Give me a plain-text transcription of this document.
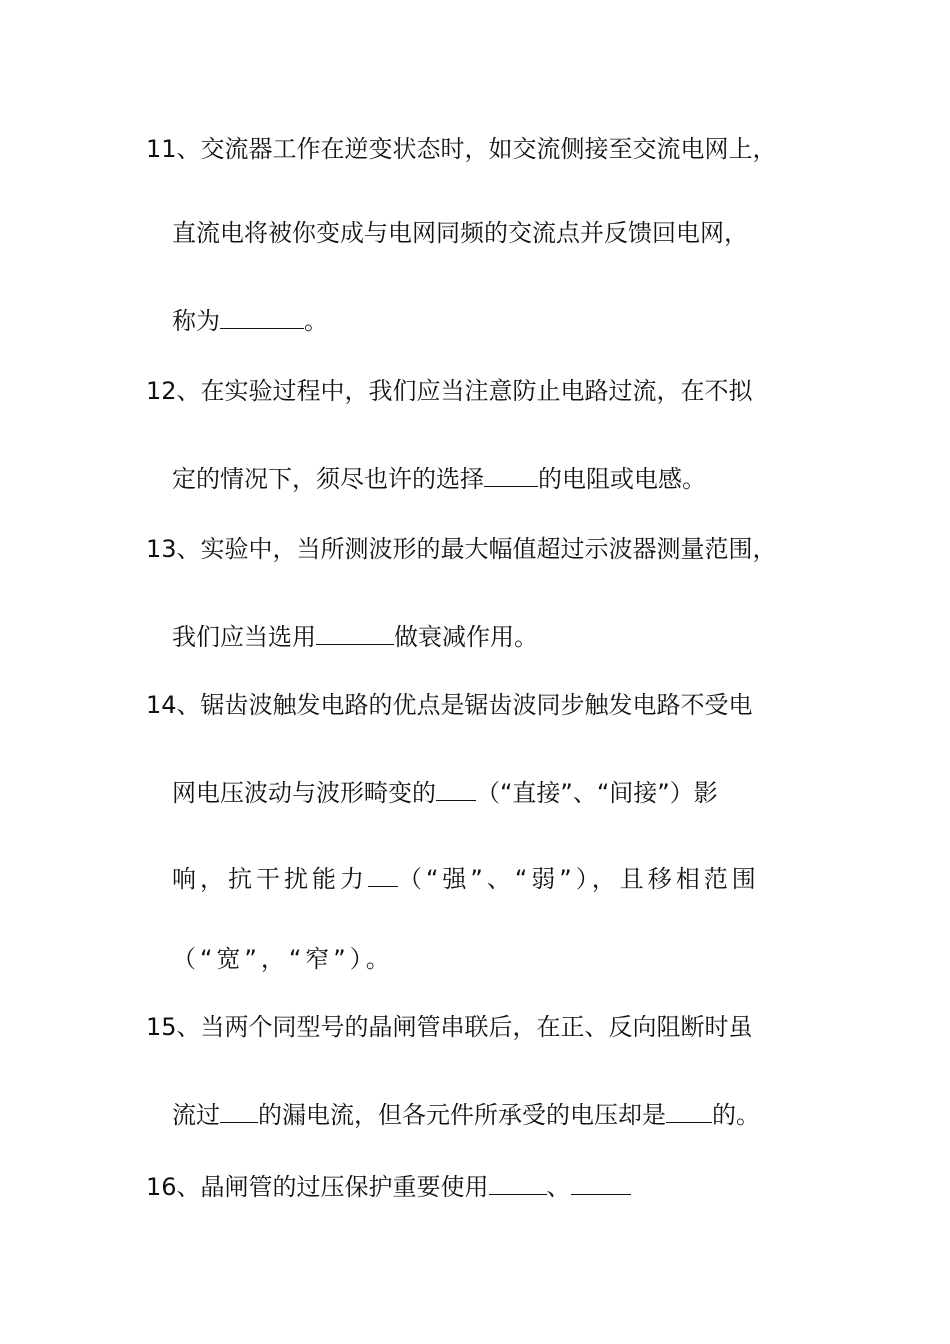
11、交流器工作在逆变状态时，如交流侧接至交流电网上，
直流电将被你变成与电网同频的交流点并反馈回电网，
称为	。
12、在实验过程中，我们应当注意防止电路过流，在不拟
定的情况下，须尽也许的选择 的电阻或电感。
13、实验中，当所测波形的最大幅值超过示波器测量范围，
我们应当选用	做衰减作用。
14、锯齿波触发电路的优点是锯齿波同步触发电路不受电
网电压波动与波形畸变的 （“直接”、“间接”）影
响，抗干扰能力 （“强”、“弱”），且移相范围
（“宽”，“窄”）。
15、当两个同型号的晶闸管串联后，在正、反向阻断时虽
流过 的漏电流，但各元件所承受的电压却是 的。
16、晶闸管的过压保护重要使用 、
